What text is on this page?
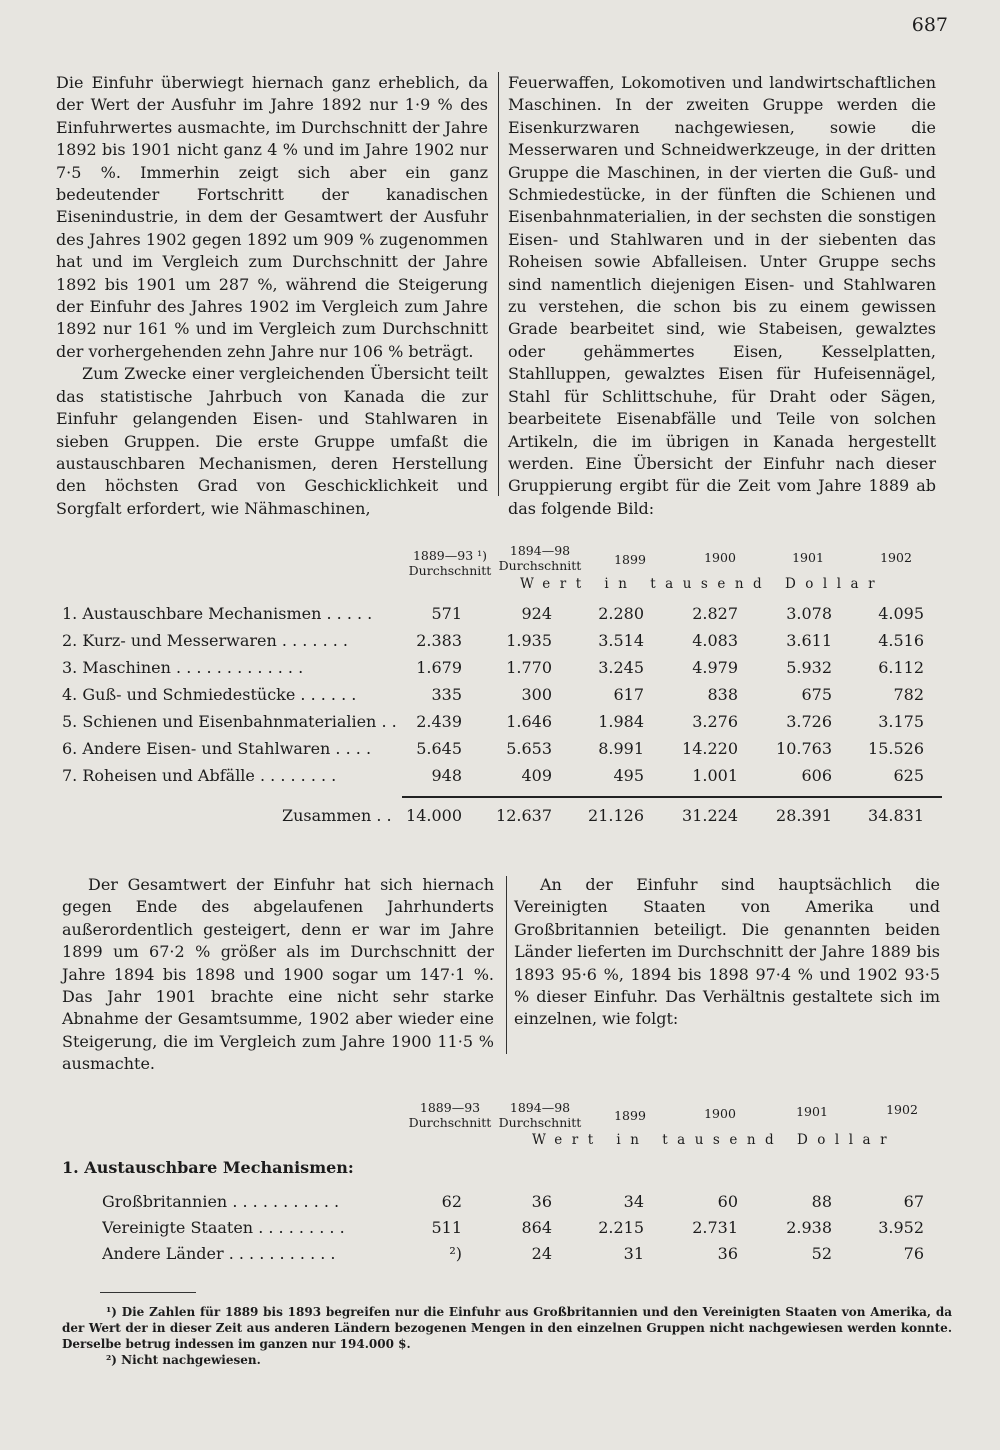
687

Die Einfuhr überwiegt hiernach ganz erheblich, da der Wert der Ausfuhr im Jahre 1892 nur 1·9 % des Einfuhrwertes ausmachte, im Durchschnitt der Jahre 1892 bis 1901 nicht ganz 4 % und im Jahre 1902 nur 7·5 %. Immerhin zeigt sich aber ein ganz bedeutender Fortschritt der kanadischen Eisenindustrie, in dem der Gesamtwert der Ausfuhr des Jahres 1902 gegen 1892 um 909 % zugenommen hat und im Vergleich zum Durchschnitt der Jahre 1892 bis 1901 um 287 %, während die Steigerung der Einfuhr des Jahres 1902 im Vergleich zum Jahre 1892 nur 161 % und im Vergleich zum Durchschnitt der vorhergehenden zehn Jahre nur 106 % beträgt.

Zum Zwecke einer vergleichenden Übersicht teilt das statistische Jahrbuch von Kanada die zur Einfuhr gelangenden Eisen- und Stahlwaren in sieben Gruppen. Die erste Gruppe umfaßt die austauschbaren Mechanismen, deren Herstellung den höchsten Grad von Geschicklichkeit und Sorgfalt erfordert, wie Nähmaschinen,

Feuerwaffen, Lokomotiven und landwirtschaftlichen Maschinen. In der zweiten Gruppe werden die Eisenkurzwaren nachgewiesen, sowie die Messerwaren und Schneidwerkzeuge, in der dritten Gruppe die Maschinen, in der vierten die Guß- und Schmiedestücke, in der fünften die Schienen und Eisenbahnmaterialien, in der sechsten die sonstigen Eisen- und Stahlwaren und in der siebenten das Roheisen sowie Abfalleisen. Unter Gruppe sechs sind namentlich diejenigen Eisen- und Stahlwaren zu verstehen, die schon bis zu einem gewissen Grade bearbeitet sind, wie Stabeisen, gewalztes oder gehämmertes Eisen, Kesselplatten, Stahlluppen, gewalztes Eisen für Hufeisennägel, Stahl für Schlittschuhe, für Draht oder Sägen, bearbeitete Eisenabfälle und Teile von solchen Artikeln, die im übrigen in Kanada hergestellt werden. Eine Übersicht der Einfuhr nach dieser Gruppierung ergibt für die Zeit vom Jahre 1889 ab das folgende Bild:

1889—93 ¹)
Durchschnitt
1894—98
Durchschnitt	1899	1900	1901	1902
Wert in tausend Dollar
1. Austauschbare Mechanismen . . . . .	571	924	2.280	2.827	3.078	4.095
2. Kurz- und Messerwaren . . . . . . .	2.383	1.935	3.514	4.083	3.611	4.516
3. Maschinen . . . . . . . . . . . . .	1.679	1.770	3.245	4.979	5.932	6.112
4. Guß- und Schmiedestücke . . . . . .	335	300	617	838	675	782
5. Schienen und Eisenbahnmaterialien . .	2.439	1.646	1.984	3.276	3.726	3.175
6. Andere Eisen- und Stahlwaren . . . .	5.645	5.653	8.991	14.220	10.763	15.526
7. Roheisen und Abfälle . . . . . . . .	948	409	495	1.001	606	625
Zusammen . . 14.000	12.637	21.126	31.224	28.391	34.831

Der Gesamtwert der Einfuhr hat sich hiernach gegen Ende des abgelaufenen Jahrhunderts außerordentlich gesteigert, denn er war im Jahre 1899 um 67·2 % größer als im Durchschnitt der Jahre 1894 bis 1898 und 1900 sogar um 147·1 %. Das Jahr 1901 brachte eine nicht sehr starke Abnahme der Gesamtsumme, 1902 aber wieder eine Steigerung, die im Vergleich zum Jahre 1900 11·5 % ausmachte.

An der Einfuhr sind hauptsächlich die Vereinigten Staaten von Amerika und Großbritannien beteiligt. Die genannten beiden Länder lieferten im Durchschnitt der Jahre 1889 bis 1893 95·6 %, 1894 bis 1898 97·4 % und 1902 93·5 % dieser Einfuhr. Das Verhältnis gestaltete sich im einzelnen, wie folgt:

1889—93
Durchschnitt
1894—98
Durchschnitt	1899	1900	1901	1902
Wert in tausend Dollar
1. Austauschbare Mechanismen:
Großbritannien . . . . . . . . . . .	62	36	34	60	88	67
Vereinigte Staaten . . . . . . . . .	511	864	2.215	2.731	2.938	3.952
Andere Länder . . . . . . . . . . .	²)	24	31	36	52	76

¹) Die Zahlen für 1889 bis 1893 begreifen nur die Einfuhr aus Großbritannien und den Vereinigten Staaten von Amerika, da der Wert der in dieser Zeit aus anderen Ländern bezogenen Mengen in den einzelnen Gruppen nicht nachgewiesen werden konnte. Derselbe betrug indessen im ganzen nur 194.000 $.

²) Nicht nachgewiesen.
